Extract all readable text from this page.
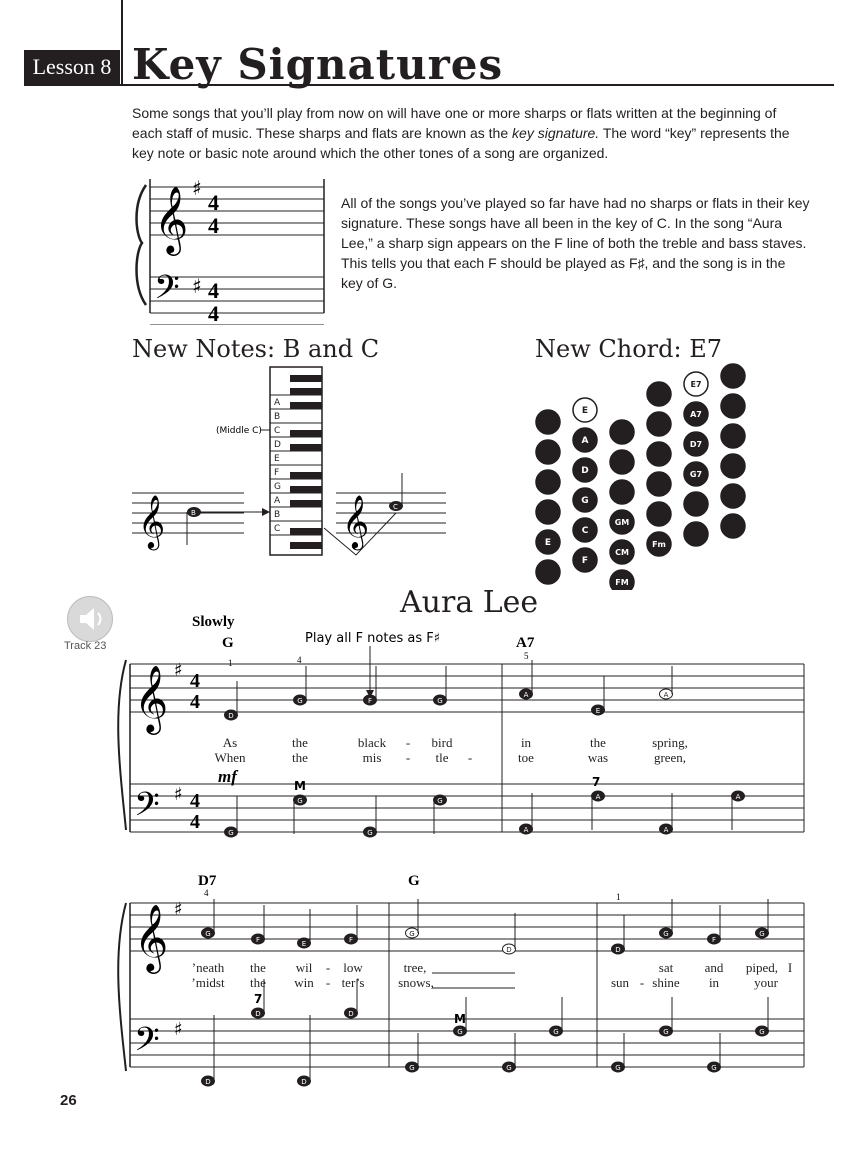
Lesson 8 Key Signatures
Some songs that you’ll play from now on will have one or more sharps or flats written at the beginning of each staff of music. These sharps and flats are known as the key signature. The word “key” represents the key note or basic note around which the other tones of a song are organized.
𝄞
𝄢
♯
♯
4
4
4
4
All of the songs you’ve played so far have had no sharps or flats in their key signature. These songs have all been in the key of C. In the song “Aura Lee,” a sharp sign appears on the F line of both the treble and bass staves. This tells you that each F should be played as F♯, and the song is in the key of G.
New Notes: B and C
A
B
C
D
E
F
G
A
B
C
(Middle C)
𝄞	B	𝄞	C
New Chord: E7
E
E
A
D
G
C
F
GM
CM
FM
Fm
E7
A7
D7
G7
Track 23
Aura Lee
Slowly
G	A7
Play all F notes as F♯
1	4	5
𝄞
𝄢
♯
♯
4
4
4
4
mf	M	7
D
G	F	G
A
E
A
G
G
G
G
A
A
A
A
As	the	black - bird	in	the	spring,
When	the	mis - tle -	toe	was	green,
D7	G
4	1
𝄞
𝄢
♯
♯
7
M
G
F	E	F
G
D	D
G
F
G
D
D
D
D
G
G
G
G
G
G
G
G
’neath the wil - low	tree,	sat and piped, I
’midst the win - ter’s	snows,	sun - shine in	your
26
